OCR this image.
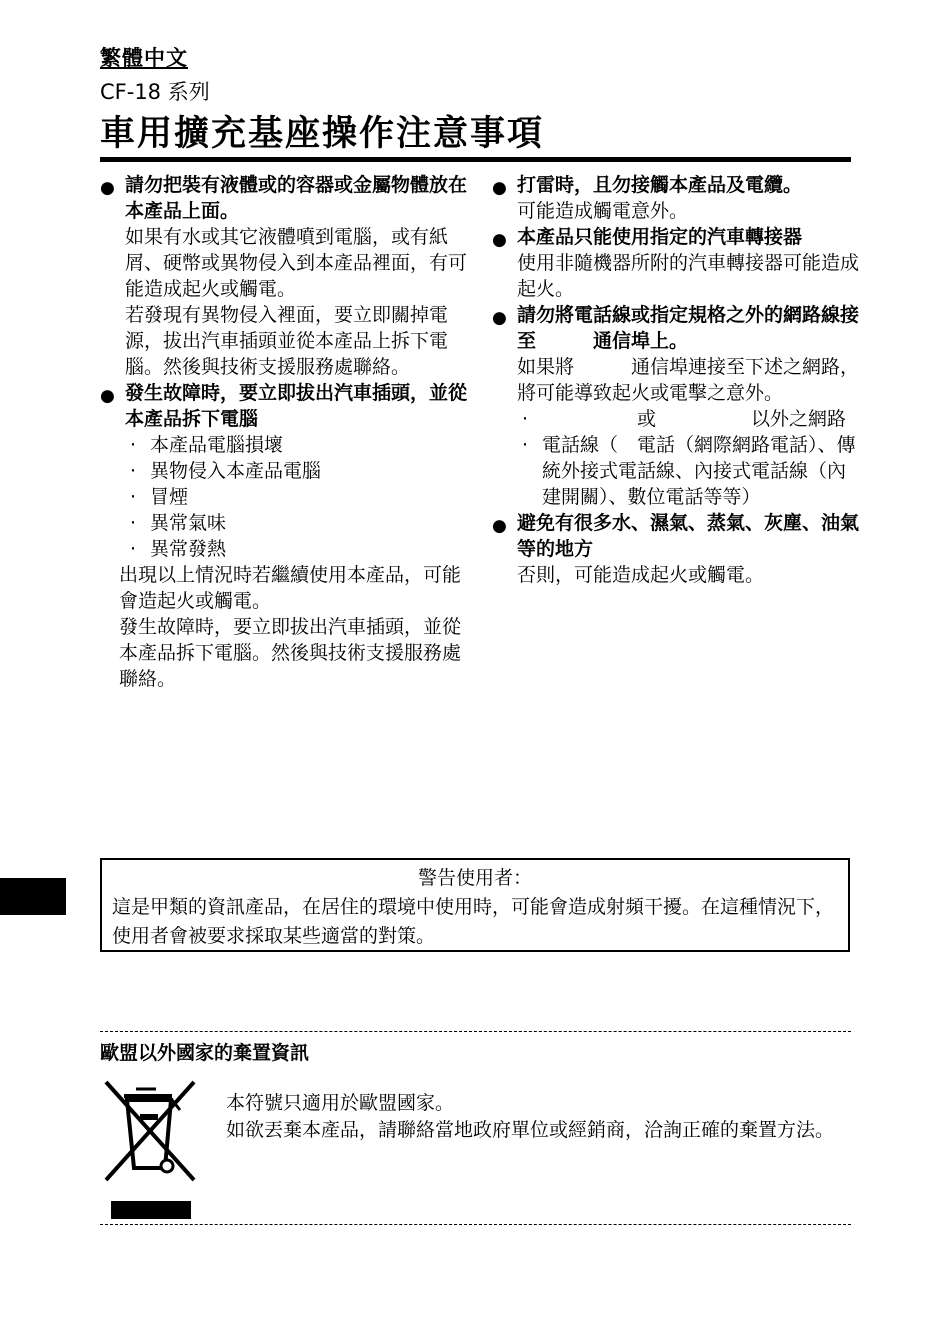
繁體中文
CF-18 系列
車用擴充基座操作注意事項
● 請勿把裝有液體或的容器或金屬物體放在本產品上面。
如果有水或其它液體噴到電腦，或有紙屑、硬幣或異物侵入到本產品裡面，有可能造成起火或觸電。
若發現有異物侵入裡面，要立即關掉電源，拔出汽車插頭並從本產品上拆下電腦。然後與技術支援服務處聯絡。
● 發生故障時，要立即拔出汽車插頭，並從本產品拆下電腦
· 本產品電腦損壞
· 異物侵入本產品電腦
· 冒煙
· 異常氣味
· 異常發熱
出現以上情況時若繼續使用本產品，可能會造起火或觸電。
發生故障時，要立即拔出汽車插頭，並從本產品拆下電腦。然後與技術支援服務處聯絡。
● 打雷時，且勿接觸本產品及電纜。
可能造成觸電意外。
● 本產品只能使用指定的汽車轉接器
使用非隨機器所附的汽車轉接器可能造成起火。
● 請勿將電話線或指定規格之外的網路線接至　　　通信埠上。
如果將　　　通信埠連接至下述之網路，將可能導致起火或電擊之意外。
· 　　　　　或　　　　　以外之網路
· 電話線（　電話（網際網路電話）、傳統外接式電話線、內接式電話線（內建開關）、數位電話等等）
● 避免有很多水、濕氣、蒸氣、灰塵、油氣等的地方
否則，可能造成起火或觸電。
警告使用者：
這是甲類的資訊產品，在居住的環境中使用時，可能會造成射頻干擾。在這種情況下，使用者會被要求採取某些適當的對策。
歐盟以外國家的棄置資訊
本符號只適用於歐盟國家。
如欲丟棄本產品，請聯絡當地政府單位或經銷商，洽詢正確的棄置方法。
